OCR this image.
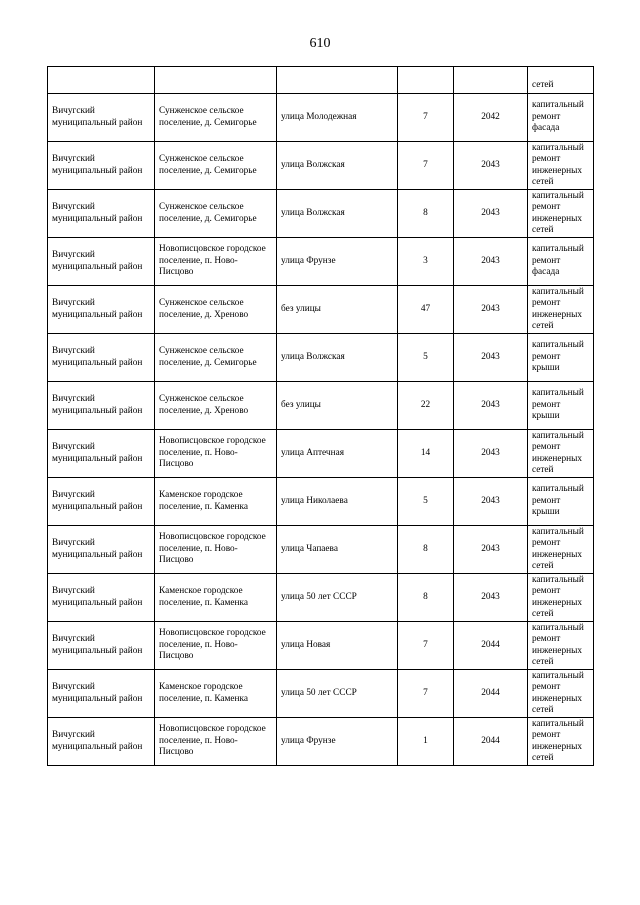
610
					сетей
Вичугский муниципальный район	Сунженское сельское поселение, д. Семигорье	улица Молодежная	7	2042	капитальный ремонт фасада
Вичугский муниципальный район	Сунженское сельское поселение, д. Семигорье	улица Волжская	7	2043	капитальный ремонт инженерных сетей
Вичугский муниципальный район	Сунженское сельское поселение, д. Семигорье	улица Волжская	8	2043	капитальный ремонт инженерных сетей
Вичугский муниципальный район	Новописцовское городское поселение, п. Ново-Писцово	улица Фрунзе	3	2043	капитальный ремонт фасада
Вичугский муниципальный район	Сунженское сельское поселение, д. Хреново	без улицы	47	2043	капитальный ремонт инженерных сетей
Вичугский муниципальный район	Сунженское сельское поселение, д. Семигорье	улица Волжская	5	2043	капитальный ремонт крыши
Вичугский муниципальный район	Сунженское сельское поселение, д. Хреново	без улицы	22	2043	капитальный ремонт крыши
Вичугский муниципальный район	Новописцовское городское поселение, п. Ново-Писцово	улица Аптечная	14	2043	капитальный ремонт инженерных сетей
Вичугский муниципальный район	Каменское городское поселение, п. Каменка	улица Николаева	5	2043	капитальный ремонт крыши
Вичугский муниципальный район	Новописцовское городское поселение, п. Ново-Писцово	улица Чапаева	8	2043	капитальный ремонт инженерных сетей
Вичугский муниципальный район	Каменское городское поселение, п. Каменка	улица 50 лет СССР	8	2043	капитальный ремонт инженерных сетей
Вичугский муниципальный район	Новописцовское городское поселение, п. Ново-Писцово	улица Новая	7	2044	капитальный ремонт инженерных сетей
Вичугский муниципальный район	Каменское городское поселение, п. Каменка	улица 50 лет СССР	7	2044	капитальный ремонт инженерных сетей
Вичугский муниципальный район	Новописцовское городское поселение, п. Ново-Писцово	улица Фрунзе	1	2044	капитальный ремонт инженерных сетей
